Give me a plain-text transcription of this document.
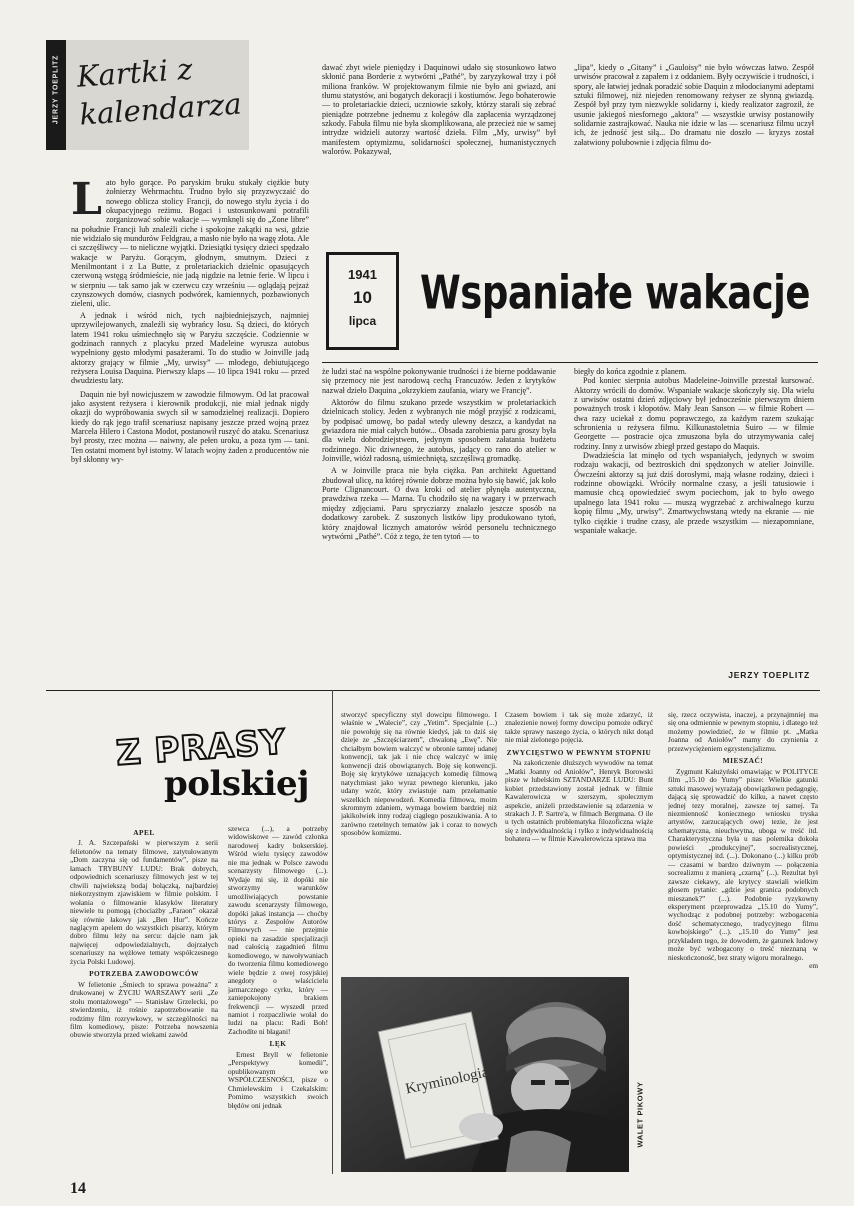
JERZY TOEPLITZ Kartki z kalendarza

Lato było gorące. Po paryskim bruku stukały ciężkie buty żołnierzy Wehrmachtu. Trudno było się przyzwyczaić do nowego oblicza stolicy Francji, do nowego stylu życia i do okupacyjnego reżimu. Bogaci i ustosunkowani potrafili zorganizować sobie wakacje — wymknęli się do „Zone libre” na południe Francji lub znaleźli ciche i spokojne zakątki na wsi, gdzie nie widziało się mundurów Feldgrau, a masło nie było na wagę złota. Ale ci szczęśliwcy — to nieliczne wyjątki. Dziesiątki tysięcy dzieci spędzało wakacje w Paryżu. Gorącym, głodnym, smutnym. Dzieci z Menilmontant i z La Butte, z proletariackich dzielnic opasujących czerwoną wstęgą śródmieście, nie jadą nigdzie na letnie ferie. W lipcu i w sierpniu — tak samo jak w czerwcu czy wrześniu — oglądają pejzaż czynszowych domów, ciasnych podwórek, kamiennych, pozbawionych zieleni, ulic.

A jednak i wśród nich, tych najbiedniejszych, najmniej uprzywilejowanych, znaleźli się wybrańcy losu. Są dzieci, do których latem 1941 roku uśmiechnęło się w Paryżu szczęście. Codziennie w godzinach rannych z placyku przed Madeleine wyrusza autobus wypełniony gęsto młodymi pasażerami. To do studio w Joinville jadą aktorzy grający w filmie „My, urwisy” — młodego, debiutującego reżysera Louisa Daquina. Pierwszy klaps — 10 lipca 1941 roku — przed dwudziestu laty.

Daquin nie był nowicjuszem w zawodzie filmowym. Od lat pracował jako asystent reżysera i kierownik produkcji, nie miał jednak nigdy okazji do wypróbowania swych sił w samodzielnej realizacji. Dopiero kiedy do rąk jego trafił scenariusz napisany jeszcze przed wojną przez Marcela Hilero i Castona Modot, postanowił ruszyć do ataku. Scenariusz był prosty, rzec można — naiwny, ale pełen uroku, a poza tym — tani. Ten ostatni moment był istotny. W latach wojny żaden z producentów nie był skłonny wy-

dawać zbyt wiele pieniędzy i Daquinowi udało się stosunkowo łatwo skłonić pana Borderie z wytwórni „Pathé”, by zaryzykował trzy i pół miliona franków. W projektowanym filmie nie było ani gwiazd, ani tłumu statystów, ani bogatych dekoracji i kostiumów. Jego bohaterowie — to proletariackie dzieci, uczniowie szkoły, którzy starali się zebrać pieniądze potrzebne jednemu z kolegów dla zapłacenia wyrządzonej szkody. Fabuła filmu nie była skomplikowana, ale przecież nie w samej intrydze widzieli autorzy wartość dzieła. Film „My, urwisy” był manifestem optymizmu, solidarności społecznej, humanistycznych walorów. Pokazywał,

„lipa”, kiedy o „Gitany” i „Gauloisy” nie było wówczas łatwo. Zespół urwisów pracował z zapałem i z oddaniem. Były oczywiście i trudności, i spory, ale łatwiej jednak poradzić sobie Daquin z młodocianymi adeptami sztuki filmowej, niż niejeden renomowany reżyser ze słynną gwiazdą. Zespół był przy tym niezwykle solidarny i, kiedy realizator zagroził, że usunie jakiegoś niesfornego „aktora” — wszystkie urwisy postanowiły solidarnie zastrajkować. Nauka nie idzie w las — scenariusz filmu uczył ich, że jedność jest siłą... Do dramatu nie doszło — kryzys został załatwiony polubownie i zdjęcia filmu do-

1941
10
lipca
Wspaniałe wakacje

że ludzi stać na wspólne pokonywanie trudności i że bierne poddawanie się przemocy nie jest narodową cechą Francuzów. Jeden z krytyków nazwał dzieło Daquina „okrzykiem zaufania, wiary we Francję”.

Aktorów do filmu szukano przede wszystkim w proletariackich dzielnicach stolicy. Jeden z wybranych nie mógł przyjść z rodzicami, by podpisać umowę, bo padał wtedy ulewny deszcz, a kandydat na gwiazdora nie miał całych butów... Obsada zarobienia paru groszy była dla wielu dobrodziejstwem, jedynym sposobem załatania budżetu rodzinnego. Nic dziwnego, że autobus, jadący co rano do atelier w Joinville, wiózł radosną, uśmiechniętą, szczęśliwą gromadkę.

A w Joinville praca nie była ciężka. Pan architekt Aguettand zbudował ulicę, na której równie dobrze można było się bawić, jak koło Porte Clignancourt. O dwa kroki od atelier płynęła autentyczna, prawdziwa rzeka — Marna. Tu chodziło się na wagary i w przerwach między zdjęciami. Paru sprycziarzy znalazło jeszcze sposób na dodatkowy zarobek. Z suszonych listków lipy produkowano tytoń, który znajdował licznych amatorów wśród personelu technicznego wytwórni „Pathé”. Cóż z tego, że ten tytoń — to

biegły do końca zgodnie z planem.

Pod koniec sierpnia autobus Madeleine-Joinville przestał kursować. Aktorzy wrócili do domów. Wspaniałe wakacje skończyły się. Dla wielu z urwisów ostatni dzień zdjęciowy był jednocześnie pierwszym dniem poważnych trosk i kłopotów. Mały Jean Sanson — w filmie Robert — dwa razy uciekał z domu poprawczego, za każdym razem szukając schronienia u reżysera filmu. Kilkunastoletnia Suiro — w filmie Georgette — postracie ojca zmuszona była do utrzymywania całej rodziny. Inny z urwisów zbiegł przed gestapo do Maquis.

Dwadzieścia lat minęło od tych wspaniałych, jedynych w swoim rodzaju wakacji, od beztroskich dni spędzonych w atelier Joinville. Ówcześni aktorzy są już dziś dorosłymi, mają własne rodziny, dzieci i rodzinne obowiązki. Wróciły normalne czasy, a jeśli tatusiowie i mamusie chcą opowiedzieć swym pociechom, jak to było owego upalnego lata 1941 roku — muszą wygrzebać z archiwalnego kurzu kopię filmu „My, urwisy”. Zmartwychwstaną wtedy na ekranie — nie tylko ciężkie i trudne czasy, ale przede wszystkim — niezapomniane, wspaniałe wakacje.

JERZY TOEPLITZ
Z PRASY
polskiej

APEL

J. A. Szczepański w pierwszym z serii felietonów na tematy filmowe, zatytułowanym „Dom zaczyna się od fundamentów”, pisze na łamach TRYBUNY LUDU: Brak dobrych, odpowiednich scenariuszy filmowych jest w tej chwili najwiekszą bodaj bolączką, najbardziej niekorzystnym zjawiskiem w filmie polskim. I wołania o filmowanie klasyków literatury niewiele tu pomogą (chociażby „Faraon” okazał się równie łakowy jak „Ben Hur”. Kończe naglącym apelem do wszystkich pisarzy, którym dobro filmu leży na sercu: dajcie nam jak najwięcej odpowiedzialnych, dojrzałych scenariuszy na wężłowe tematy współczesnego życia Polski Ludowej.

POTRZEBA ZAWODOWCÓW

W felietonie „Śmiech to sprawa poważna” z drukowanej w ŻYCIU WARSZAWY serii „Ze stołu montażowego” — Stanisław Grzelecki, po stwierdzeniu, iż rośnie zapotrzebowanie na rodzimy film rozrywkowy, w szczególności na film komediowy, pisze: Potrzeba nowszenia obuwie stworzyła przed wiekami zawód

szewca (...), a potrzeby widowiskowe — zawód członka narodowej kadry bokserskiej. Wśród wielu tysięcy zawodów nie ma jednak w Polsce zawodu scenarzysty filmowego (...). Wydaje mi się, iż dopóki nie stworzymy warunków umożliwiających powstanie zawodu scenarzysty filmowego, dopóki jakaś instancja — choćby którys z Zespołów Autorów Filmowych — nie przejmie opieki na zasadzie specjalizacji nad całością zagadnień filmu komediowego, w nawoływaniach do tworzenia filmu komediowego wiele będzie z owej rosyjskiej anegdoty o właścicielu jarmarcznego cyrku, który — zaniepokojony brakiem frekwencji — wyszedł przed namiot i rozpaczliwie wołał do ludzi na placu: Radi Boh! Zachodíte ni błagani!

LĘK

Ernest Bryll w felietonie „Perspektywy komedii”, opublikowanym we WSPÓŁCZESNOŚCI, pisze o Chmielewskim i Czekalskim: Pomimo wszystkich swoich błędów oni jednak

stworzyć specyficzny styl dowcipu filmowego. I właśnie w „Walecie”, czy „Yetim”. Specjalnie (...) nie powołuję się na równie kiedyś, jak to dziś się dzieje ze „Szczęściarzem”, chwaloną „Ewę”. Nie chciałbym bowiem walczyć w obronie tamtej udanej konwencji, tak jak i nie chcę walczyć w imię konwencji dziś obowiązanych. Boję się konwencji. Boję się krytykówe uznających komedię filmową natychmiast jako wyraz pewnego kierunku, jako udany wzór, który zwiastuje nam przełamanie wszelkich niepowodzeń. Komedia filmowa, moim skromnym zdaniem, wymaga bowiem bardziej niż jakikolwiek inny rodzaj ciągłego poszukiwania. A to zarówno rzetelnych tematów jak i coraz to nowych sposobów komizmu.

Czasem bowiem i tak się może zdarzyć, iż znalezienie nowej formy dowcipu pomoże odkryć także sprawy naszego życia, o których nikt dotąd nie miał zielonego pojęcia.

ZWYCIĘSTWO W PEWNYM STOPNIU

Na zakończenie dłuższych wywodów na temat „Matki Joanny od Aniołów”, Henryk Borowski pisze w lubelskim SZTANDARZE LUDU: Bunt kobiet przedstawiony został jednak w filmie Kawalerowicza w szerszym, społecznym aspekcie, aniżeli przedstawienie są zdarzenia w strakach J. P. Sartre'a, w filmach Bergmana. O ile u tych ostatnich problematyka filozoficzna wiąże się z indywidualnością i tylko z indywidualnością bohatera — w filmie Kawalerowicza sprawa ma

się, rzecz oczywista, inaczej, a przynajmniej ma się ona odmiennie w pewnym stopniu, i dlatego też możemy powiedzieć, że w filmie pt. „Matka Joanna od Aniołów” mamy do czynienia z przezwyciężeniem egzystencjalizmu.

MIESZAĆ!

Zygmunt Kałużyński omawiając w POLITYCE film „15.10 do Yumy” pisze: Wielkie gatunki sztuki masowej wyrażają obowiązkowo pedagogię, dającą się sprowadzić do kilku, a nawet często jednej tezy moralnej, zawsze tej samej. Ta niezmienność koniecznego wniosku tryska artystów, zarzucających owej tezie, że jest schematyczna, nieuchwytna, uboga w treść itd. Charakterystyczna była u nas polemika dokoła powieści „produkcyjnej”, socrealistycznej, optymistycznej itd. (...). Dokonano (...) kilku prób — czasami w bardzo dziwnym — połączenia socrealizmu z manierą „czarną” (...). Rezultat był zawsze ciekawy, ale krytycy stawiali wielkim głosem pytanie: „gdzie jest granica podobnych mieszanek?” (...). Podobnie ryzykowny eksperyment przeprowadza „15.10 do Yumy”, wychodząc z podobnej potrzeby: wzbogacenia dość schematycznego, tradycyjnego filmu kowbojskiego” (...). „15.10 do Yumy” jest przykładem tego, że dowodem, że gatunek ludowy może być wzbogacony o treść nieznaną w nieskończoność, bez straty wigoru moralnego.

em

Kryminologia
WALET PIKOWY
14
